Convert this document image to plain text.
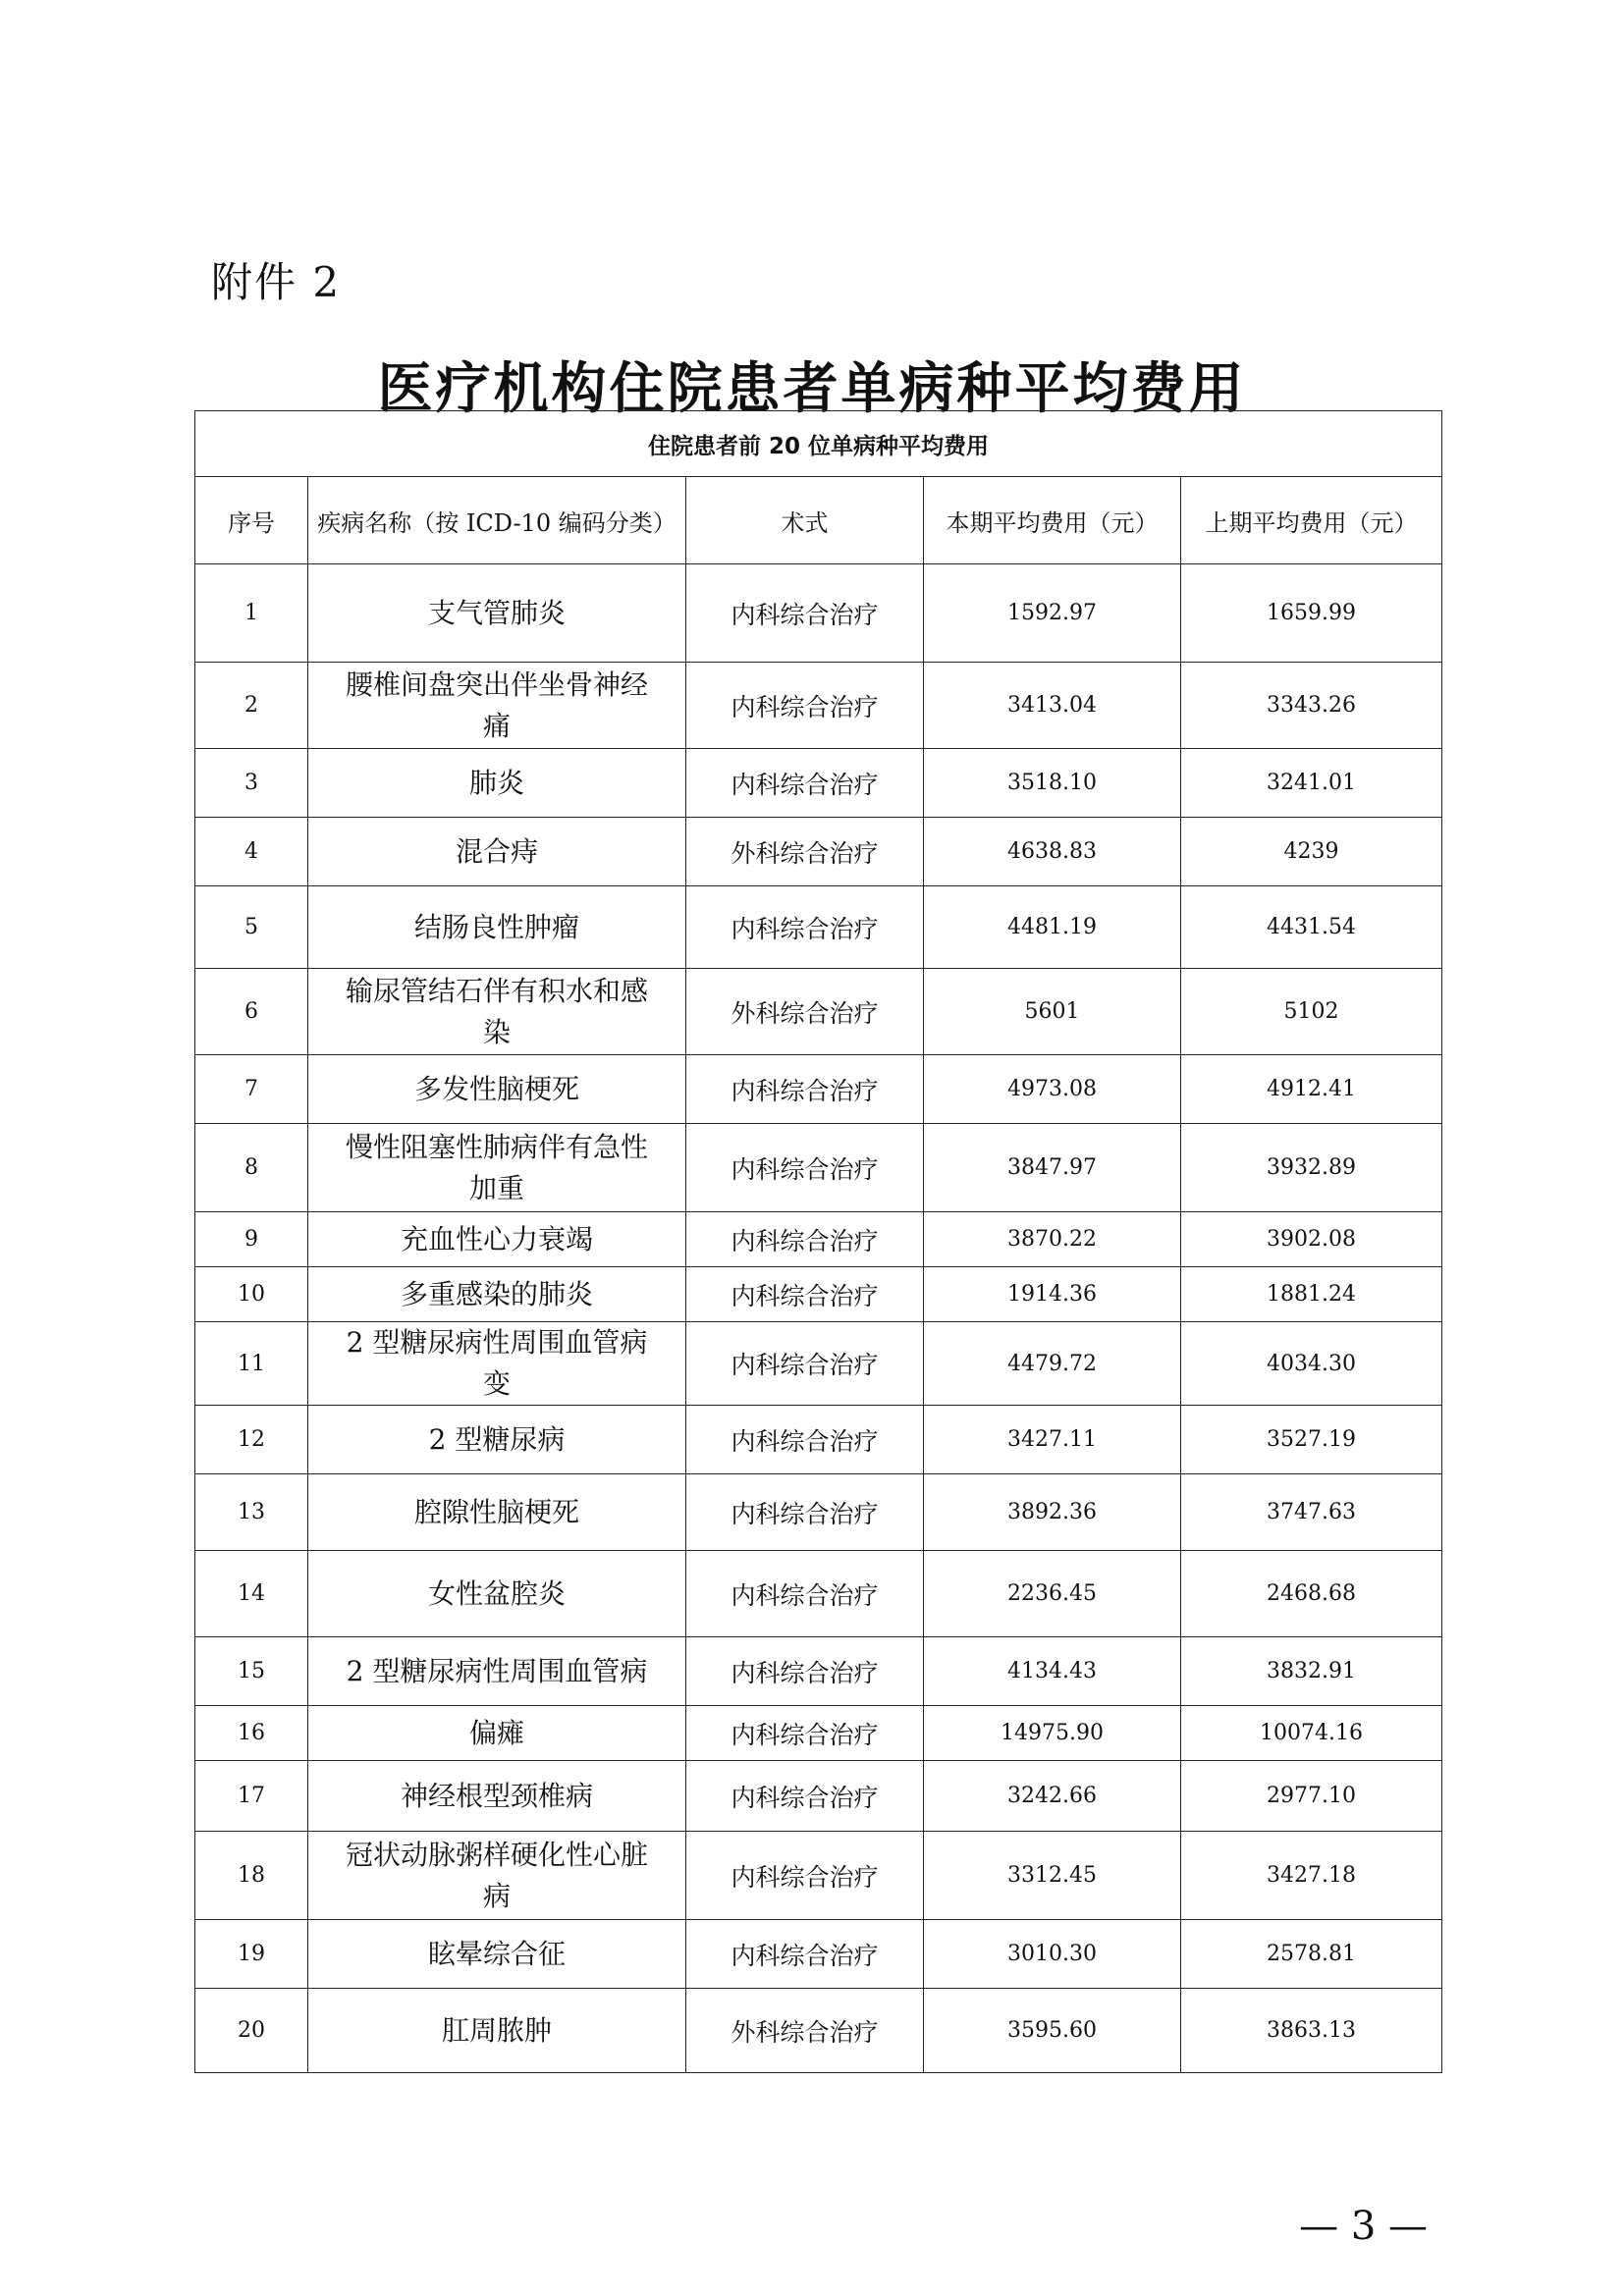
附件 2
医疗机构住院患者单病种平均费用
住院患者前 20 位单病种平均费用				
序号	疾病名称（按 ICD-10 编码分类）	术式	本期平均费用（元）	上期平均费用（元）
1	支气管肺炎	内科综合治疗	1592.97	1659.99
2	腰椎间盘突出伴坐骨神经痛	内科综合治疗	3413.04	3343.26
3	肺炎	内科综合治疗	3518.10	3241.01
4	混合痔	外科综合治疗	4638.83	4239
5	结肠良性肿瘤	内科综合治疗	4481.19	4431.54
6	输尿管结石伴有积水和感染	外科综合治疗	5601	5102
7	多发性脑梗死	内科综合治疗	4973.08	4912.41
8	慢性阻塞性肺病伴有急性加重	内科综合治疗	3847.97	3932.89
9	充血性心力衰竭	内科综合治疗	3870.22	3902.08
10	多重感染的肺炎	内科综合治疗	1914.36	1881.24
11	2 型糖尿病性周围血管病变	内科综合治疗	4479.72	4034.30
12	2 型糖尿病	内科综合治疗	3427.11	3527.19
13	腔隙性脑梗死	内科综合治疗	3892.36	3747.63
14	女性盆腔炎	内科综合治疗	2236.45	2468.68
15	2 型糖尿病性周围血管病	内科综合治疗	4134.43	3832.91
16	偏瘫	内科综合治疗	14975.90	10074.16
17	神经根型颈椎病	内科综合治疗	3242.66	2977.10
18	冠状动脉粥样硬化性心脏病	内科综合治疗	3312.45	3427.18
19	眩晕综合征	内科综合治疗	3010.30	2578.81
20	肛周脓肿	外科综合治疗	3595.60	3863.13
— 3 —
